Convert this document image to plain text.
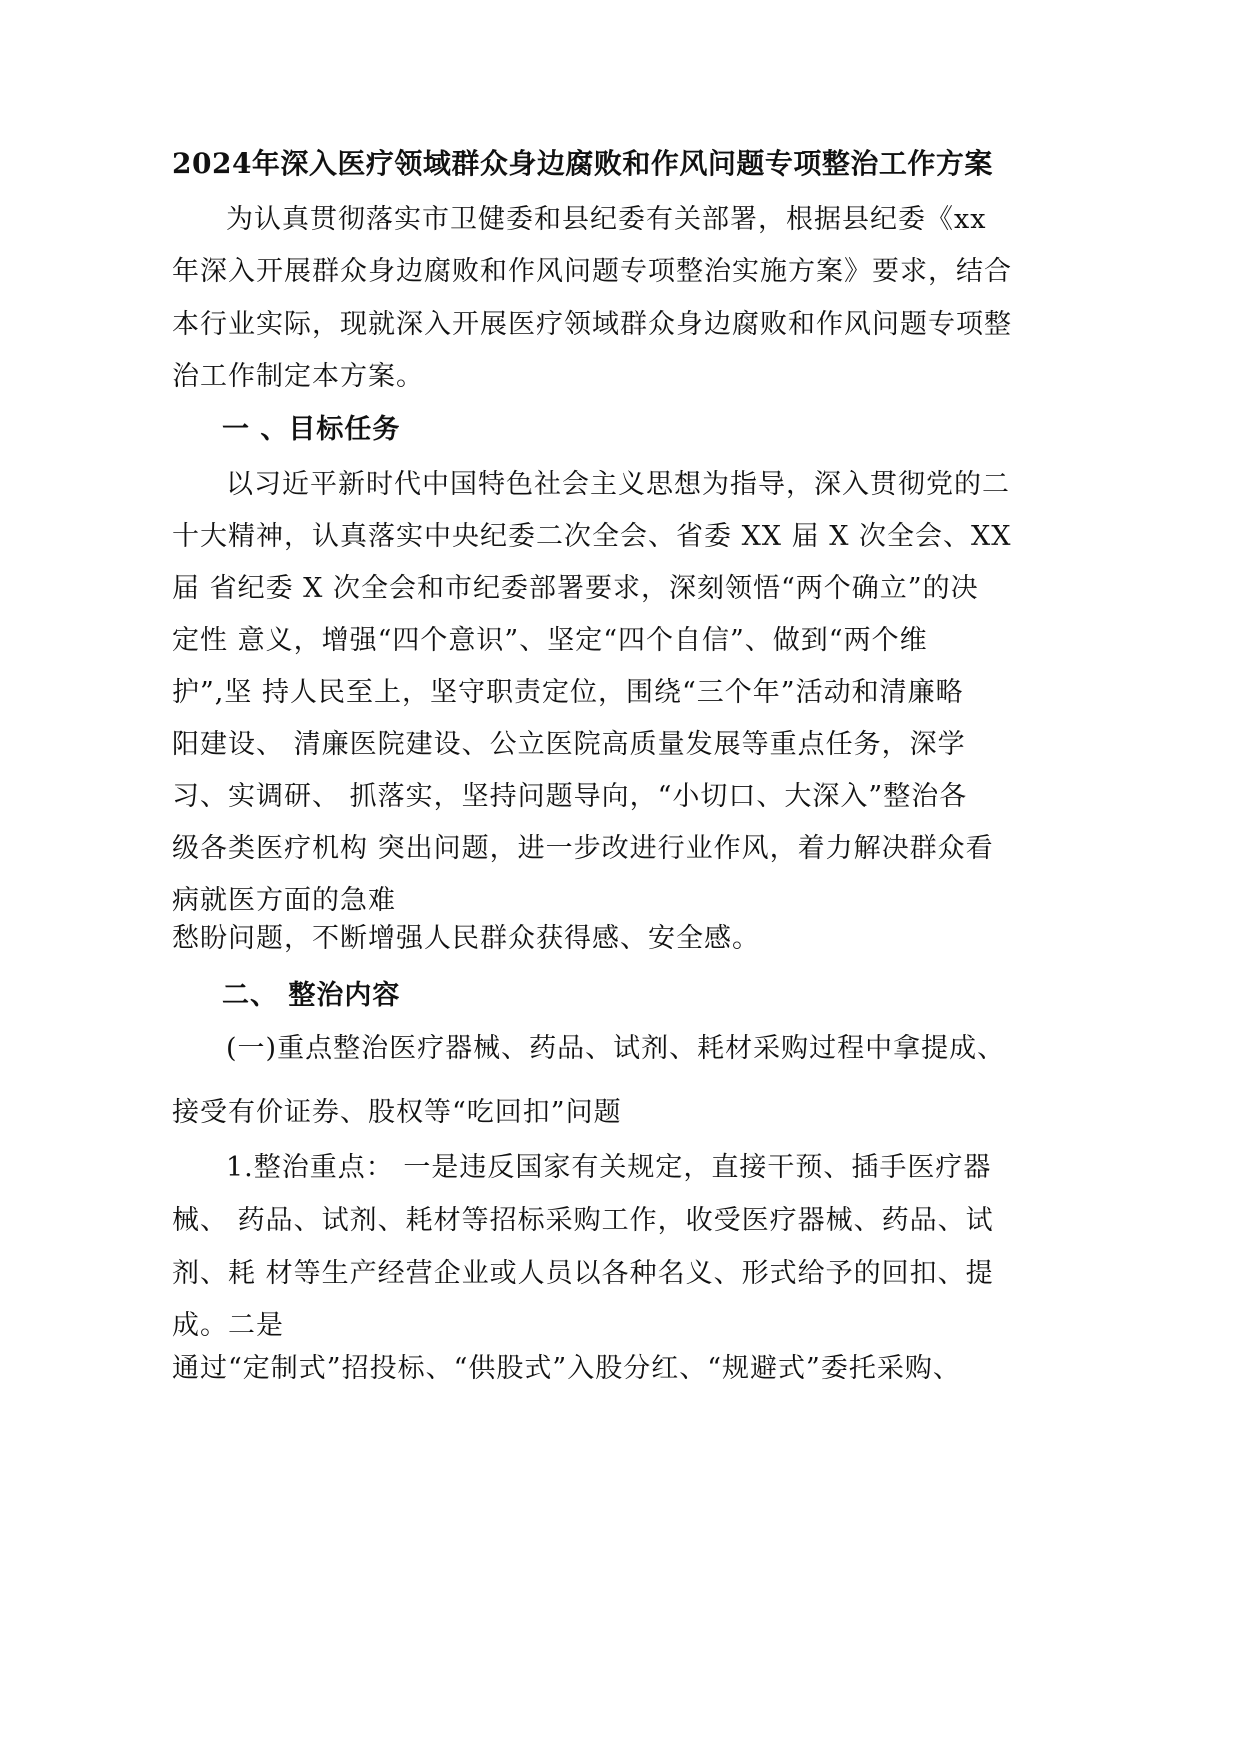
2024年深入医疗领域群众身边腐败和作风问题专项整治工作方案
为认真贯彻落实市卫健委和县纪委有关部署，根据县纪委《xx
年深入开展群众身边腐败和作风问题专项整治实施方案》要求，结合
本行业实际，现就深入开展医疗领域群众身边腐败和作风问题专项整
治工作制定本方案。
一 、目标任务
以习近平新时代中国特色社会主义思想为指导，深入贯彻党的二
十大精神，认真落实中央纪委二次全会、省委 XX 届 X 次全会、XX
届 省纪委 X 次全会和市纪委部署要求，深刻领悟“两个确立”的决
定性 意义，增强“四个意识”、坚定“四个自信”、做到“两个维
护”,坚 持人民至上，坚守职责定位，围绕“三个年”活动和清廉略
阳建设、 清廉医院建设、公立医院高质量发展等重点任务，深学
习、实调研、 抓落实，坚持问题导向，“小切口、大深入”整治各
级各类医疗机构 突出问题，进一步改进行业作风，着力解决群众看
病就医方面的急难
愁盼问题，不断增强人民群众获得感、安全感。
二、 整治内容
(一)重点整治医疗器械、药品、试剂、耗材采购过程中拿提成、
接受有价证券、股权等“吃回扣”问题
1.整治重点： 一是违反国家有关规定，直接干预、插手医疗器
械、 药品、试剂、耗材等招标采购工作，收受医疗器械、药品、试
剂、耗 材等生产经营企业或人员以各种名义、形式给予的回扣、提
成。二是
通过“定制式”招投标、“供股式”入股分红、“规避式”委托采购、
